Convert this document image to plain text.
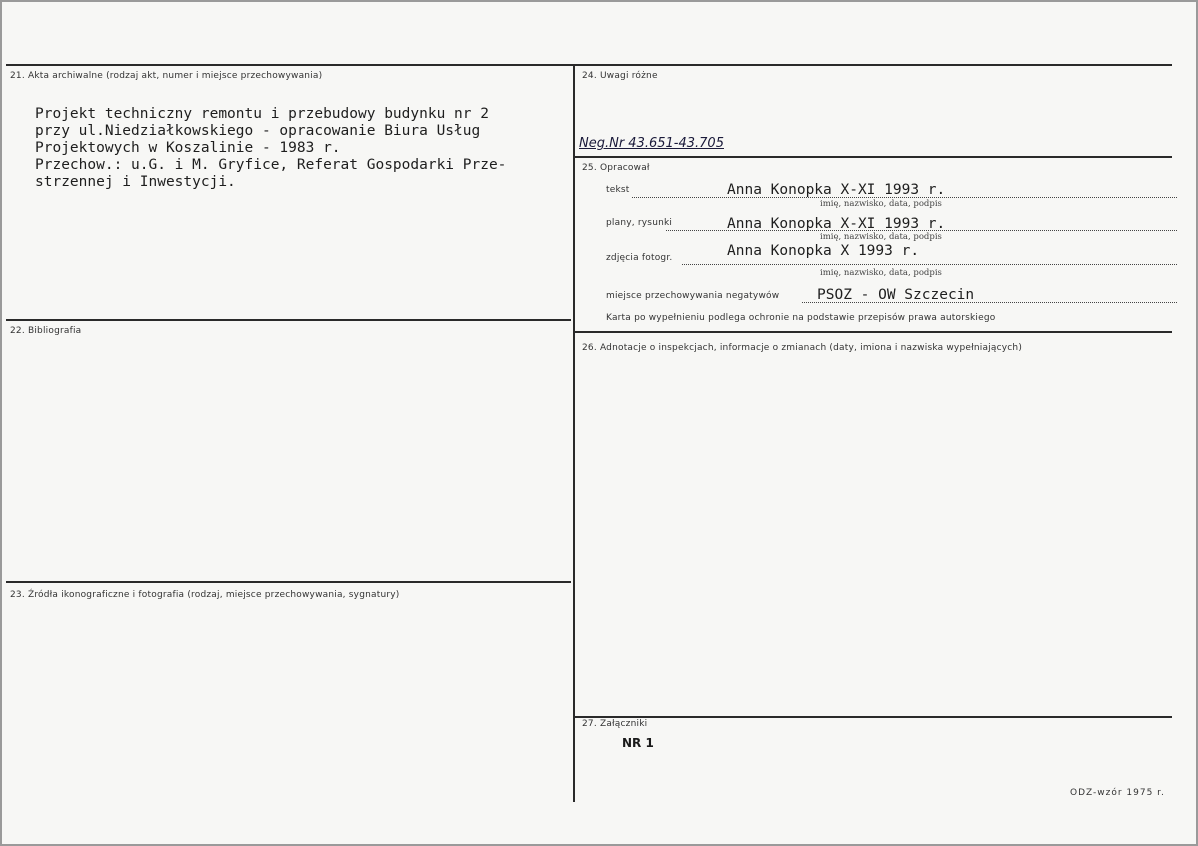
21. Akta archiwalne (rodzaj akt, numer i miejsce przechowywania)
Projekt techniczny remontu i przebudowy budynku nr 2
przy ul.Niedziałkowskiego - opracowanie Biura Usług
Projektowych w Koszalinie - 1983 r.
Przechow.: u.G. i M. Gryfice, Referat Gospodarki Prze-
strzennej i Inwestycji.
22. Bibliografia
23. Źródła ikonograficzne i fotografia (rodzaj, miejsce przechowywania, sygnatury)
24. Uwagi różne
Neg.Nr 43.651-43.705
25. Opracował
tekst	Anna Konopka X-XI 1993 r.
imię, nazwisko, data, podpis
plany, rysunki	Anna Konopka X-XI 1993 r.
imię, nazwisko, data, podpis
zdjęcia fotogr.	Anna Konopka X 1993 r.
imię, nazwisko, data, podpis
miejsce przechowywania negatywów	PSOZ - OW Szczecin
Karta po wypełnieniu podlega ochronie na podstawie przepisów prawa autorskiego
26. Adnotacje o inspekcjach, informacje o zmianach (daty, imiona i nazwiska wypełniających)
27. Załączniki
NR 1
ODZ-wzór 1975 r.
